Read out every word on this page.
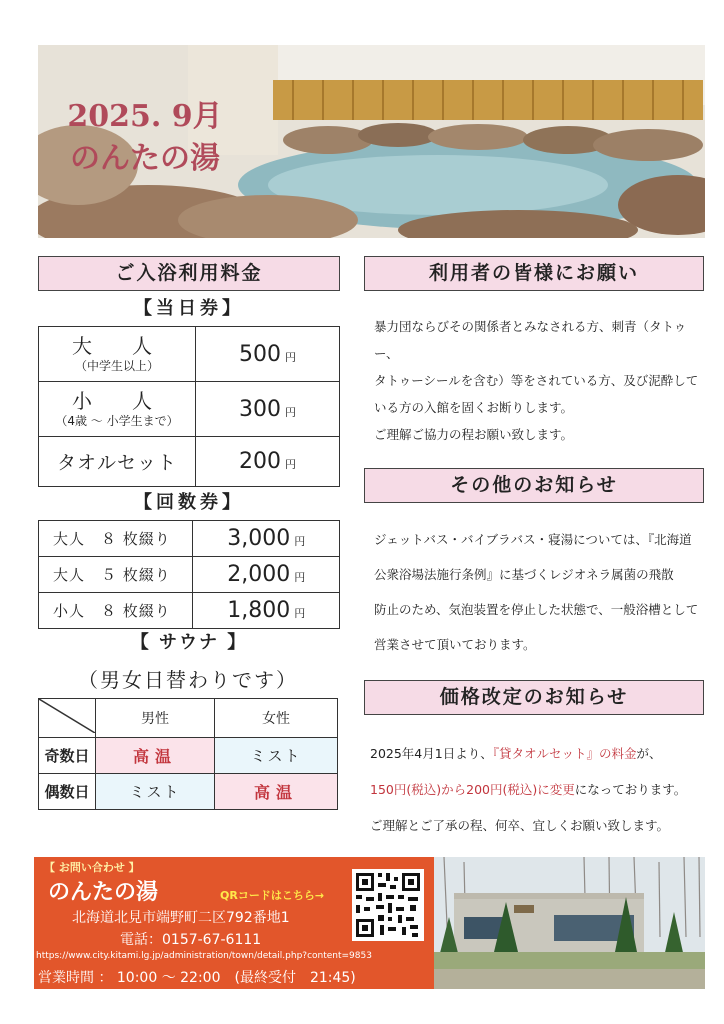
2025. 9月
のんたの湯
ご入浴利用料金
【当日券】
大　人
（中学生以上）	500 円

小　人
（4歳 ～ 小学生まで）	300 円

タオルセット	200 円
【回数券】
大人　８ 枚綴り	3,000 円
大人　５ 枚綴り	2,000 円
小人　８ 枚綴り	1,800 円
【 サウナ 】
（男女日替わりです）
	男性	女性
奇数日	高温	ミスト
偶数日	ミスト	高温
利用者の皆様にお願い
暴力団ならびその関係者とみなされる方、刺青（タトゥー、
タトゥーシールを含む）等をされている方、及び泥酔して
いる方の入館を固くお断りします。
ご理解ご協力の程お願い致します。
その他のお知らせ
ジェットバス・バイブラバス・寝湯については、『北海道
公衆浴場法施行条例』に基づくレジオネラ属菌の飛散
防止のため、気泡装置を停止した状態で、一般浴槽として
営業させて頂いております。
価格改定のお知らせ
2025年4月1日より、『貸タオルセット』の料金が、
150円(税込)から200円(税込)に変更になっております。
ご理解とご了承の程、何卒、宜しくお願い致します。
【 お問い合わせ 】
のんたの湯	QRコードはこちら→
北海道北見市端野町二区792番地1
電話：0157-67-6111
https://www.city.kitami.lg.jp/administration/town/detail.php?content=9853
営業時間 ： 10:00 ～ 22:00　(最終受付　21:45)
